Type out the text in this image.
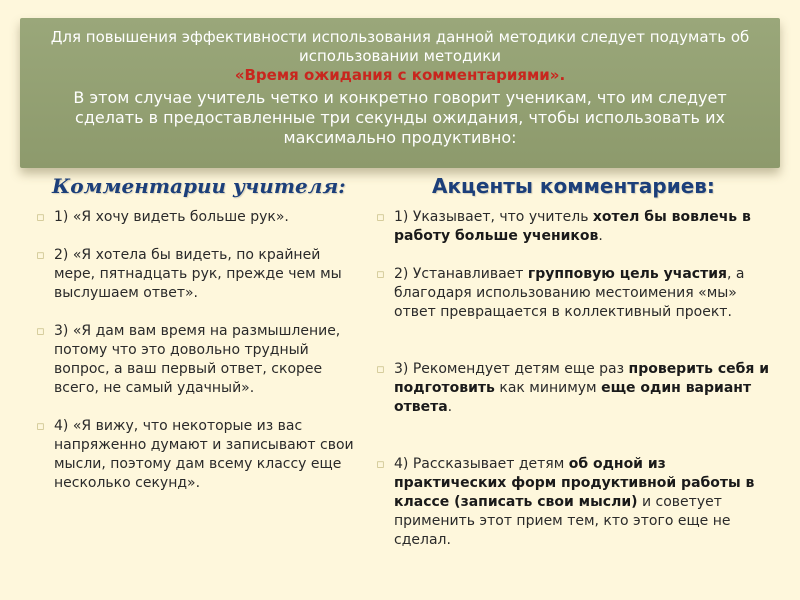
Для повышения эффективности использования данной методики следует подумать об использовании методики
«Время ожидания с комментариями».
В этом случае учитель четко и конкретно говорит ученикам, что им следует сделать в предоставленные три секунды ожидания, чтобы использовать их максимально продуктивно:
Комментарии учителя:	Акценты комментариев:
▫ 1) «Я хочу видеть больше рук».
▫ 2) «Я хотела бы видеть, по крайней мере, пятнадцать рук, прежде чем мы выслушаем ответ».
▫ 3) «Я дам вам время на размышление, потому что это довольно трудный вопрос, а ваш первый ответ, скорее всего, не самый удачный».
▫ 4) «Я вижу, что некоторые из вас напряженно думают и записывают свои мысли, поэтому дам всему классу еще несколько секунд».
▫ 1) Указывает, что учитель хотел бы вовлечь в работу больше учеников.
▫ 2) Устанавливает групповую цель участия, а благодаря использованию местоимения «мы» ответ превращается в коллективный проект.
▫ 3) Рекомендует детям еще раз проверить себя и подготовить как минимум еще один вариант ответа.
▫ 4) Рассказывает детям об одной из практических форм продуктивной работы в классе (записать свои мысли) и советует применить этот прием тем, кто этого еще не сделал.
